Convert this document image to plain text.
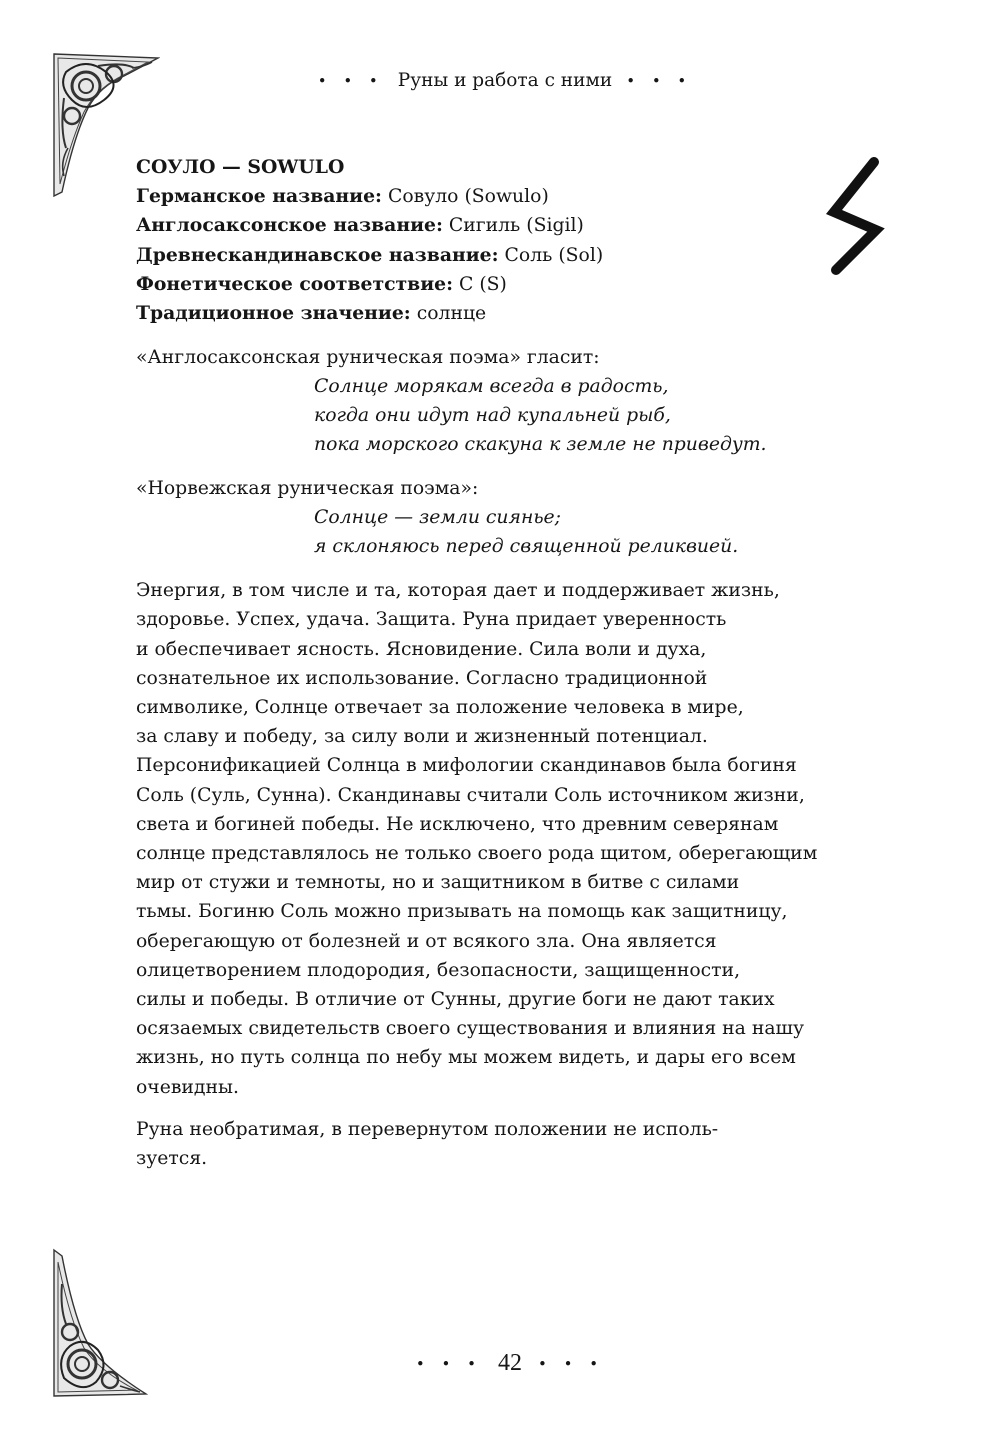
• • • Руны и работа с ними • • •

СОУЛО — SOWULO

Германское название: Совуло (Sowulo)

Англосаксонское название: Сигиль (Sigil)

Древнескандинавское название: Соль (Sol)

Фонетическое соответствие: С (S)

Традиционное значение: солнце

«Англосаксонская руническая поэма» гласит:

Солнце морякам всегда в радость,
когда они идут над купальней рыб,
пока морского скакуна к земле не приведут.

«Норвежская руническая поэма»:

Солнце — земли сиянье;
я склоняюсь перед священной реликвией.
Энергия, в том числе и та, которая дает и поддерживает жизнь,
здоровье. Успех, удача. Защита. Руна придает уверенность
и обеспечивает ясность. Ясновидение. Сила воли и духа,
сознательное их использование. Согласно традиционной
символике, Солнце отвечает за положение человека в мире,
за славу и победу, за силу воли и жизненный потенциал.
Персонификацией Солнца в мифологии скандинавов была богиня
Соль (Суль, Сунна). Скандинавы считали Соль источником жизни,
света и богиней победы. Не исключено, что древним северянам
солнце представлялось не только своего рода щитом, оберегающим
мир от стужи и темноты, но и защитником в битве с силами
тьмы. Богиню Соль можно призывать на помощь как защитницу,
оберегающую от болезней и от всякого зла. Она является
олицетворением плодородия, безопасности, защищенности,
силы и победы. В отличие от Сунны, другие боги не дают таких
осязаемых свидетельств своего существования и влияния на нашу
жизнь, но путь солнца по небу мы можем видеть, и дары его всем
очевидны.
Руна необратимая, в перевернутом положении не исполь-
зуется.
• • • 42 • • •
